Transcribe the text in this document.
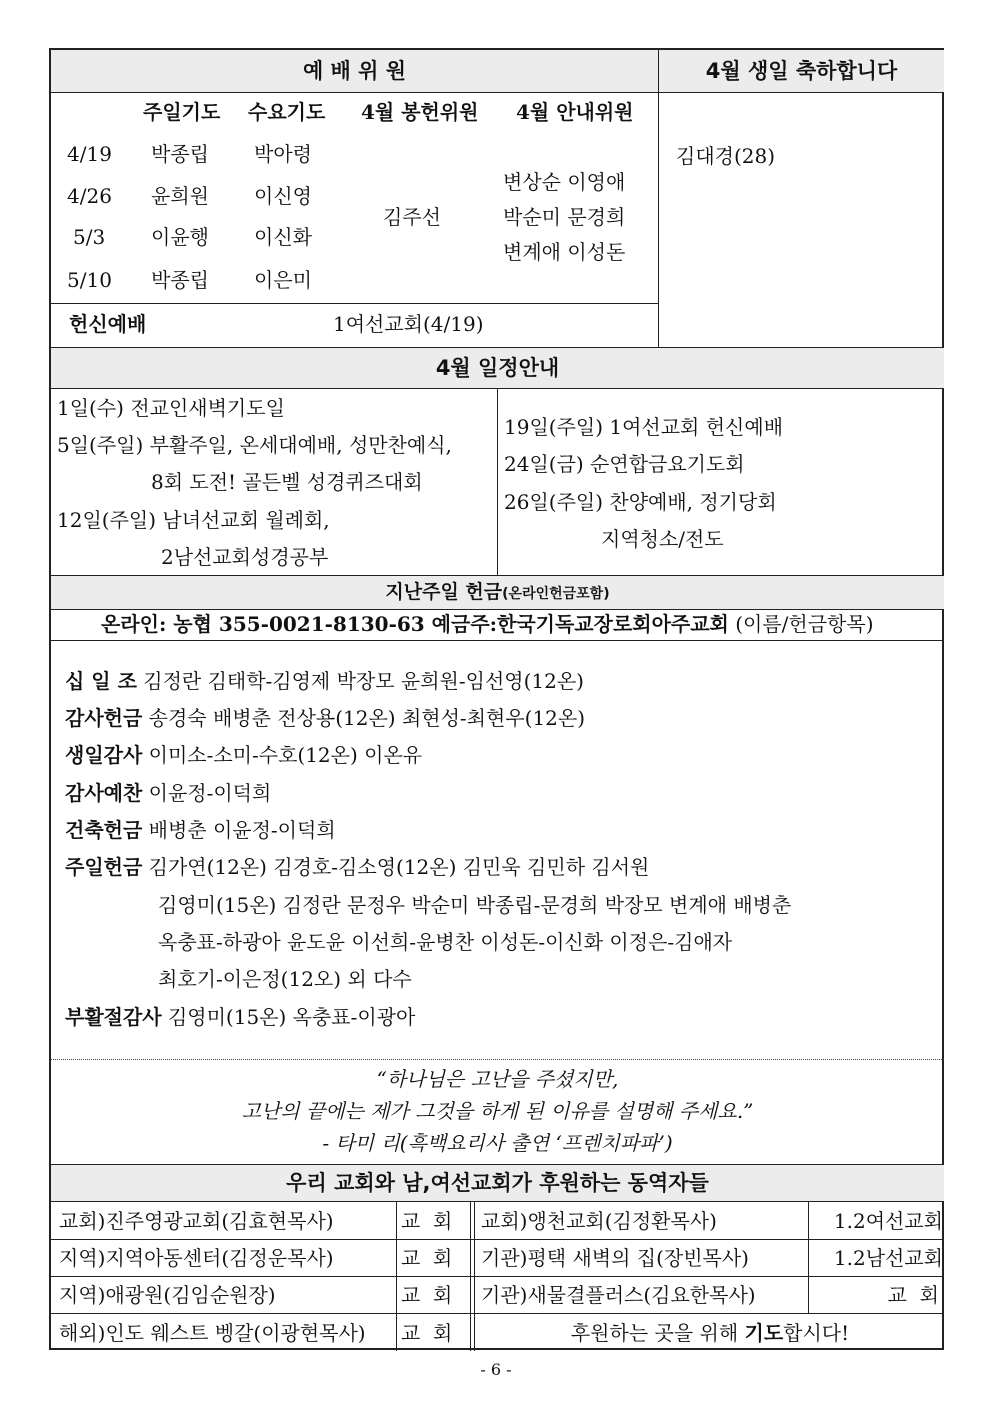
예 배 위 원	4월 생일 축하합니다
주일기도 수요기도 4월 봉헌위원 4월 안내위원
4/19 박종립 박아령
4/26 윤희원 이신영
5/3 이윤행 이신화
5/10 박종립 이은미
김주선
변상순 이영애
박순미 문경희
변계애 이성돈
헌신예배	1여선교회(4/19)
김대경(28)
4월 일정안내
1일(수) 전교인새벽기도일
5일(주일) 부활주일, 온세대예배, 성만찬예식,
8회 도전! 골든벨 성경퀴즈대회
12일(주일) 남녀선교회 월례회,
2남선교회성경공부
19일(주일) 1여선교회 헌신예배
24일(금) 순연합금요기도회
26일(주일) 찬양예배, 정기당회
지역청소/전도
지난주일 헌금(온라인헌금포함)
온라인: 농협 355-0021-8130-63 예금주:한국기독교장로회아주교회 (이름/헌금항목)
십 일 조 김정란 김태학-김영제 박장모 윤희원-임선영(12온)
감사헌금 송경숙 배병춘 전상용(12온) 최현성-최현우(12온)
생일감사 이미소-소미-수호(12온) 이온유
감사예찬 이윤정-이덕희
건축헌금 배병춘 이윤정-이덕희
주일헌금 김가연(12온) 김경호-김소영(12온) 김민욱 김민하 김서원
김영미(15온) 김정란 문정우 박순미 박종립-문경희 박장모 변계애 배병춘
옥충표-하광아 윤도윤 이선희-윤병찬 이성돈-이신화 이정은-김애자
최호기-이은정(12오) 외 다수
부활절감사 김영미(15온) 옥충표-이광아
“하나님은 고난을 주셨지만,
고난의 끝에는 제가 그것을 하게 된 이유를 설명해 주세요.”
- 타미 리(흑백요리사 출연 ‘프렌치파파’)
우리 교회와 남,여선교회가 후원하는 동역자들
교회)진주영광교회(김효현목사)	교  회 교회)앵천교회(김정환목사)	1.2여선교회
지역)지역아동센터(김정운목사)	교  회 기관)평택 새벽의 집(장빈목사)	1.2남선교회
지역)애광원(김임순원장)	교  회 기관)새물결플러스(김요한목사)	교  회
해외)인도 웨스트 벵갈(이광현목사) 교  회	후원하는 곳을 위해 기도합시다!
- 6 -
